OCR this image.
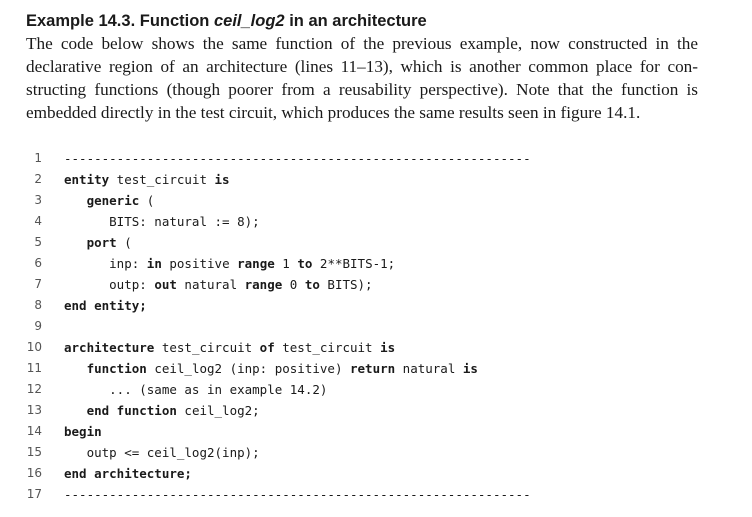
Example 14.3. Function ceil_log2 in an architecture
The code below shows the same function of the previous example, now constructed in the
declarative region of an architecture (lines 11–13), which is another common place for con-
structing functions (though poorer from a reusability perspective). Note that the function is
embedded directly in the test circuit, which produces the same results seen in figure 14.1.
1 --------------------------------------------------------------
2 entity test_circuit is
3	generic (
4 BITS: natural := 8);
5	port (
6 inp: in positive range 1 to 2**BITS-1;
7 outp: out natural range 0 to BITS);
8 end entity;
9
10 architecture test_circuit of test_circuit is
11	function ceil_log2 (inp: positive) return natural is
12 ... (same as in example 14.2)
13	end function ceil_log2;
14 begin
15 outp <= ceil_log2(inp);
16 end architecture;
17 --------------------------------------------------------------
